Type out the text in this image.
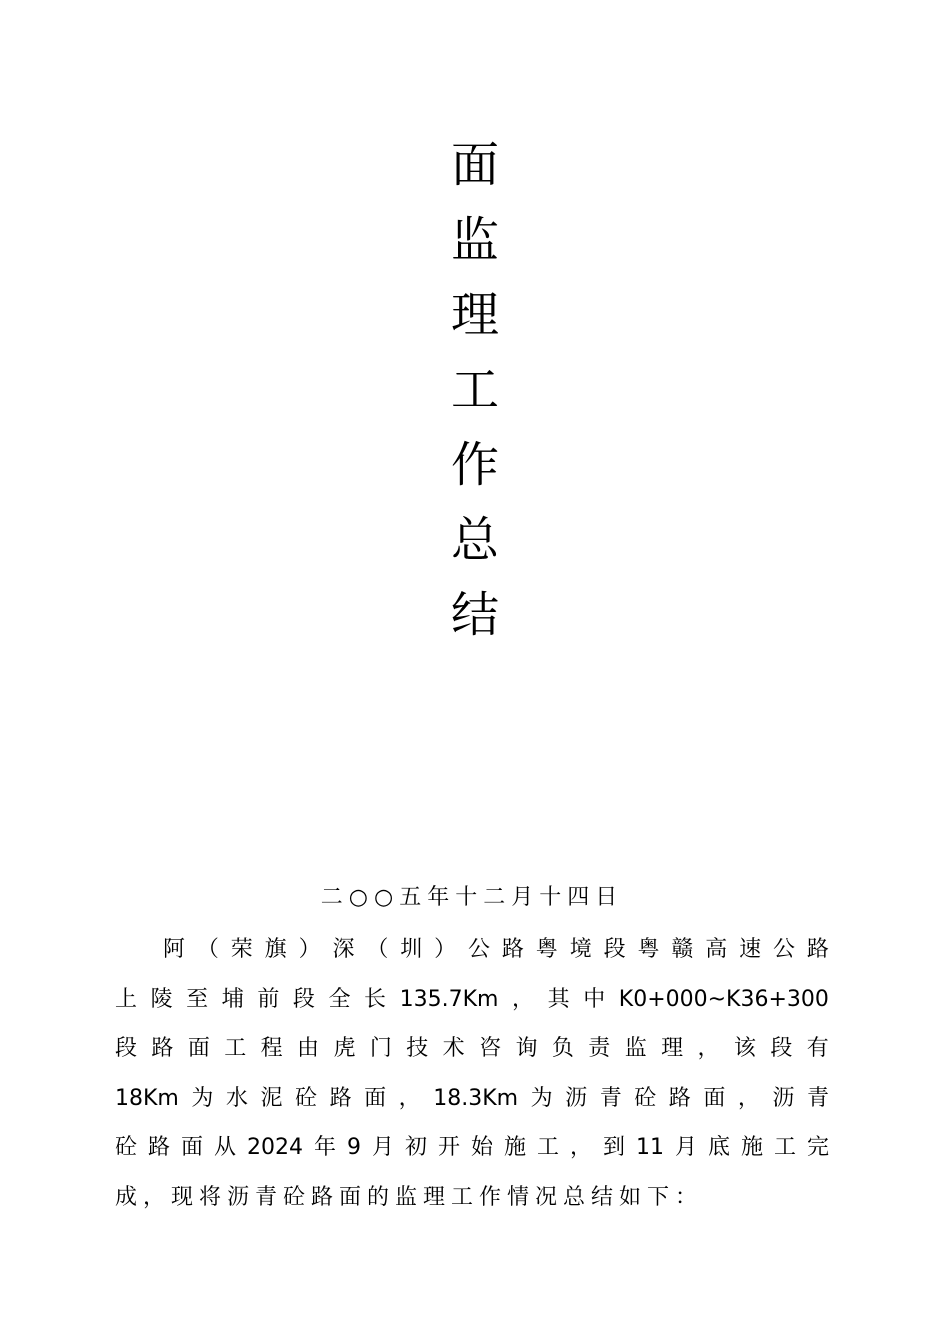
面
监
理
工
作
总
结
二○○五年十二月十四日
阿 （ 荣 旗 ） 深 （ 圳 ） 公 路 粤 境 段 粤 赣 高 速 公 路
上 陵 至 埔 前 段 全 长 135.7Km ， 其 中 K0+000~K36+300
段 路 面 工 程 由 虎 门 技 术 咨 询 负 责 监 理 ， 该 段 有
18Km 为 水 泥 砼 路 面 ， 18.3Km 为 沥 青 砼 路 面 ， 沥 青
砼 路 面 从 2024 年 9 月 初 开 始 施 工 ， 到 11 月 底 施 工 完
成，现将沥青砼路面的监理工作情况总结如下：
